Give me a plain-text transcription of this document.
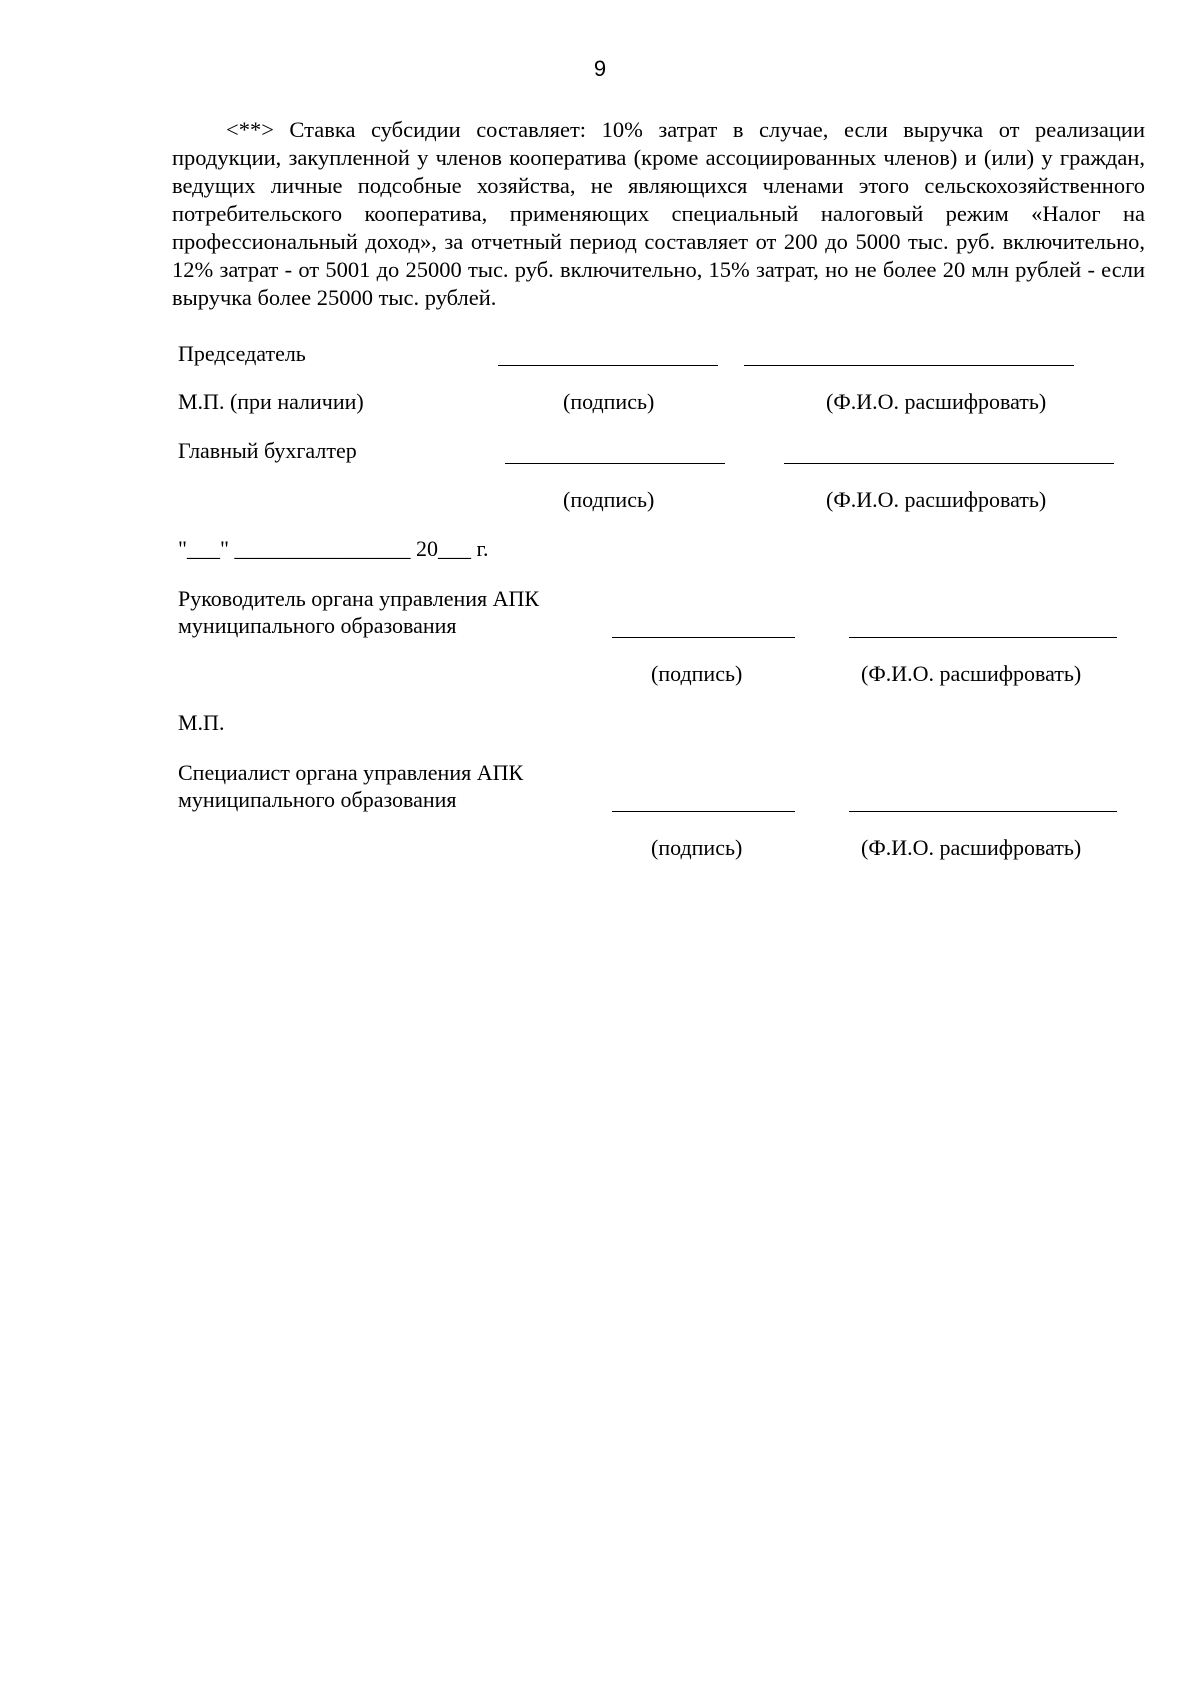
9

<**> Ставка субсидии составляет: 10% затрат в случае, если выручка от реализации продукции, закупленной у членов кооператива (кроме ассоциированных членов) и (или) у граждан, ведущих личные подсобные хозяйства, не являющихся членами этого сельскохозяйственного потребительского кооператива, применяющих специальный налоговый режим «Налог на профессиональный доход», за отчетный период составляет от 200 до 5000 тыс. руб. включительно, 12% затрат - от 5001 до 25000 тыс. руб. включительно, 15% затрат, но не более 20 млн рублей - если выручка более 25000 тыс. рублей.

Председатель
М.П. (при наличии)	(подпись)	(Ф.И.О. расшифровать)
Главный бухгалтер
(подпись)	(Ф.И.О. расшифровать)
"___" ________________ 20___ г.
Руководитель органа управления АПК
муниципального образования
(подпись)	(Ф.И.О. расшифровать)
М.П.
Специалист органа управления АПК
муниципального образования
(подпись)	(Ф.И.О. расшифровать)
